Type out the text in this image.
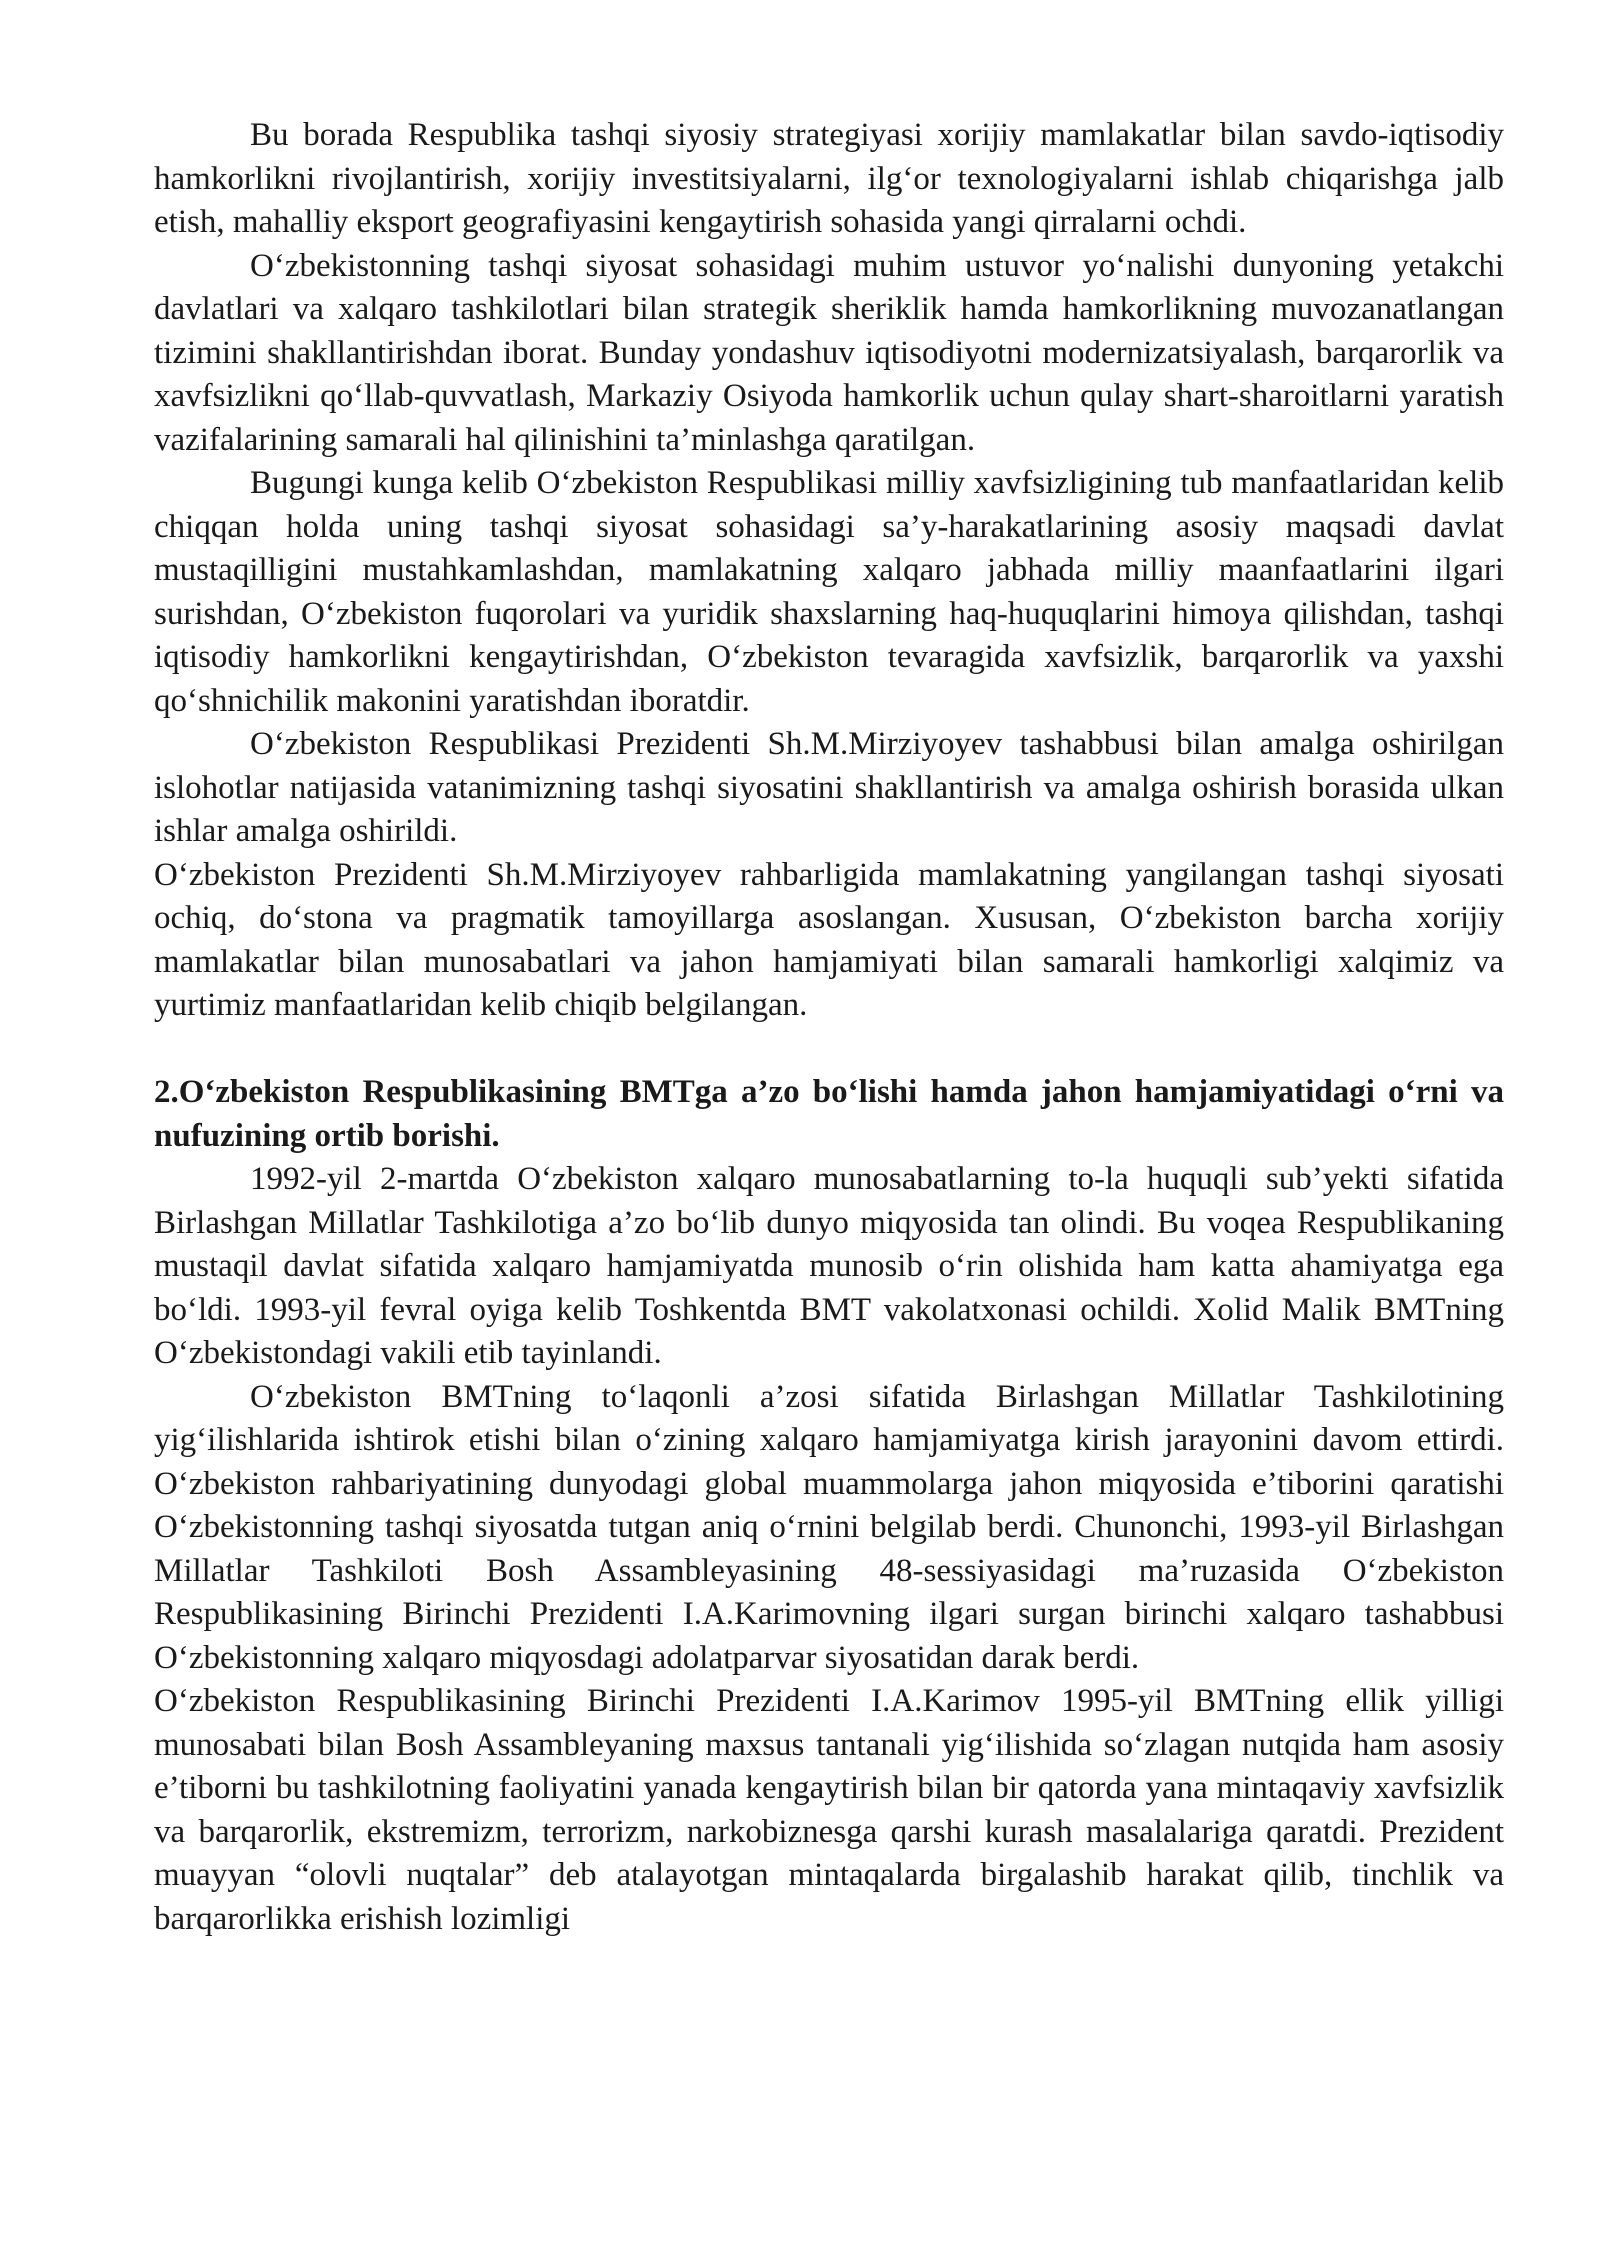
Bu borada Respublika tashqi siyosiy strategiyasi xorijiy mamlakatlar bilan savdo-iqtisodiy hamkorlikni rivojlantirish, xorijiy investitsiyalarni, ilg‘or texnologiyalarni ishlab chiqarishga jalb etish, mahalliy eksport geografiyasini kengaytirish sohasida yangi qirralarni ochdi.

O‘zbekistonning tashqi siyosat sohasidagi muhim ustuvor yo‘nalishi dunyoning yetakchi davlatlari va xalqaro tashkilotlari bilan strategik sheriklik hamda hamkorlikning muvozanatlangan tizimini shakllantirishdan iborat. Bunday yondashuv iqtisodiyotni modernizatsiyalash, barqarorlik va xavfsizlikni qo‘llab-quvvatlash, Markaziy Osiyoda hamkorlik uchun qulay shart-sharoitlarni yaratish vazifalarining samarali hal qilinishini ta’minlashga qaratilgan.

Bugungi kunga kelib O‘zbekiston Respublikasi milliy xavfsizligining tub manfaatlaridan kelib chiqqan holda uning tashqi siyosat sohasidagi sa’y-harakatlarining asosiy maqsadi davlat mustaqilligini mustahkamlashdan, mamlakatning xalqaro jabhada milliy maanfaatlarini ilgari surishdan, O‘zbekiston fuqorolari va yuridik shaxslarning haq-huquqlarini himoya qilishdan, tashqi iqtisodiy hamkorlikni kengaytirishdan, O‘zbekiston tevaragida xavfsizlik, barqarorlik va yaxshi qo‘shnichilik makonini yaratishdan iboratdir.

O‘zbekiston Respublikasi Prezidenti Sh.M.Mirziyoyev tashabbusi bilan amalga oshirilgan islohotlar natijasida vatanimizning tashqi siyosatini shakllantirish va amalga oshirish borasida ulkan ishlar amalga oshirildi.

O‘zbekiston Prezidenti Sh.M.Mirziyoyev rahbarligida mamlakatning yangilangan tashqi siyosati ochiq, do‘stona va pragmatik tamoyillarga asoslangan. Xususan, O‘zbekiston barcha xorijiy mamlakatlar bilan munosabatlari va jahon hamjamiyati bilan samarali hamkorligi xalqimiz va yurtimiz manfaatlaridan kelib chiqib belgilangan.

2.O‘zbekiston Respublikasining BMTga a’zo bo‘lishi hamda jahon hamjamiyatidagi o‘rni va nufuzining ortib borishi.

1992-yil 2-martda O‘zbekiston xalqaro munosabatlarning to-la huquqli sub’yekti sifatida Birlashgan Millatlar Tashkilotiga a’zo bo‘lib dunyo miqyosida tan olindi. Bu voqea Respublikaning mustaqil davlat sifatida xalqaro hamjamiyatda munosib o‘rin olishida ham katta ahamiyatga ega bo‘ldi. 1993-yil fevral oyiga kelib Toshkentda BMT vakolatxonasi ochildi. Xolid Malik BMTning O‘zbekistondagi vakili etib tayinlandi.

O‘zbekiston BMTning to‘laqonli a’zosi sifatida Birlashgan Millatlar Tashkilotining yig‘ilishlarida ishtirok etishi bilan o‘zining xalqaro hamjamiyatga kirish jarayonini davom ettirdi. O‘zbekiston rahbariyatining dunyodagi global muammolarga jahon miqyosida e’tiborini qaratishi O‘zbekistonning tashqi siyosatda tutgan aniq o‘rnini belgilab berdi. Chunonchi, 1993-yil Birlashgan Millatlar Tashkiloti Bosh Assambleyasining 48-sessiyasidagi ma’ruzasida O‘zbekiston Respublikasining Birinchi Prezidenti I.A.Karimovning ilgari surgan birinchi xalqaro tashabbusi O‘zbekistonning xalqaro miqyosdagi adolatparvar siyosatidan darak berdi.

O‘zbekiston Respublikasining Birinchi Prezidenti I.A.Karimov 1995-yil BMTning ellik yilligi munosabati bilan Bosh Assambleyaning maxsus tantanali yig‘ilishida so‘zlagan nutqida ham asosiy e’tiborni bu tashkilotning faoliyatini yanada kengaytirish bilan bir qatorda yana mintaqaviy xavfsizlik va barqarorlik, ekstremizm, terrorizm, narkobiznesga qarshi kurash masalalariga qaratdi. Prezident muayyan “olovli nuqtalar” deb atalayotgan mintaqalarda birgalashib harakat qilib, tinchlik va barqarorlikka erishish lozimligi
